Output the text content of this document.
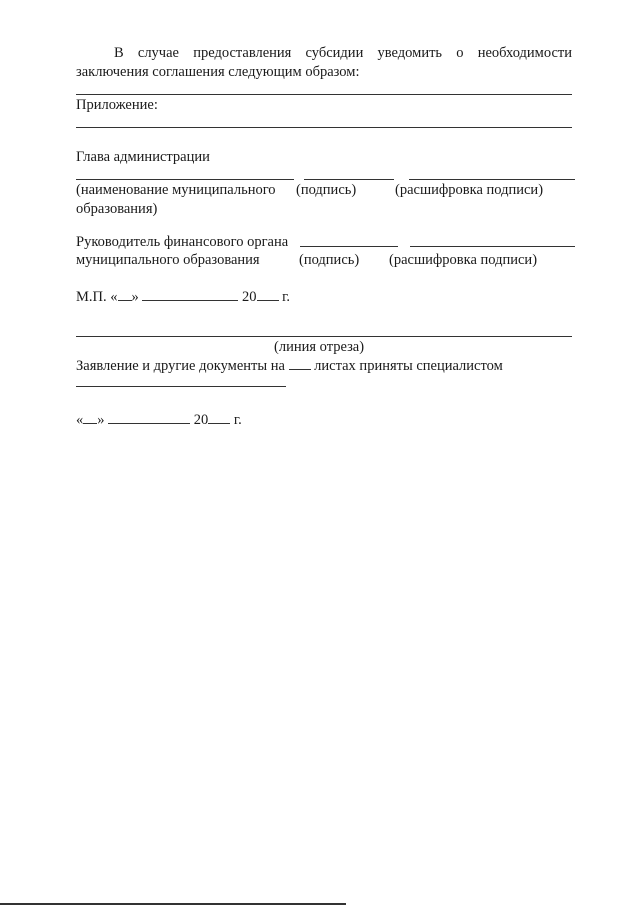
В случае предоставления субсидии уведомить о необходимости
заключения соглашения следующим образом:
Приложение:
Глава администрации
(наименование муниципального
образования)
(подпись)	(расшифровка подписи)
Руководитель финансового органа
муниципального образования	(подпись) (расшифровка подписи)
М.П. « »	20 г.
(линия отреза)
Заявление и другие документы на листах приняты специалистом
« »	20 г.
